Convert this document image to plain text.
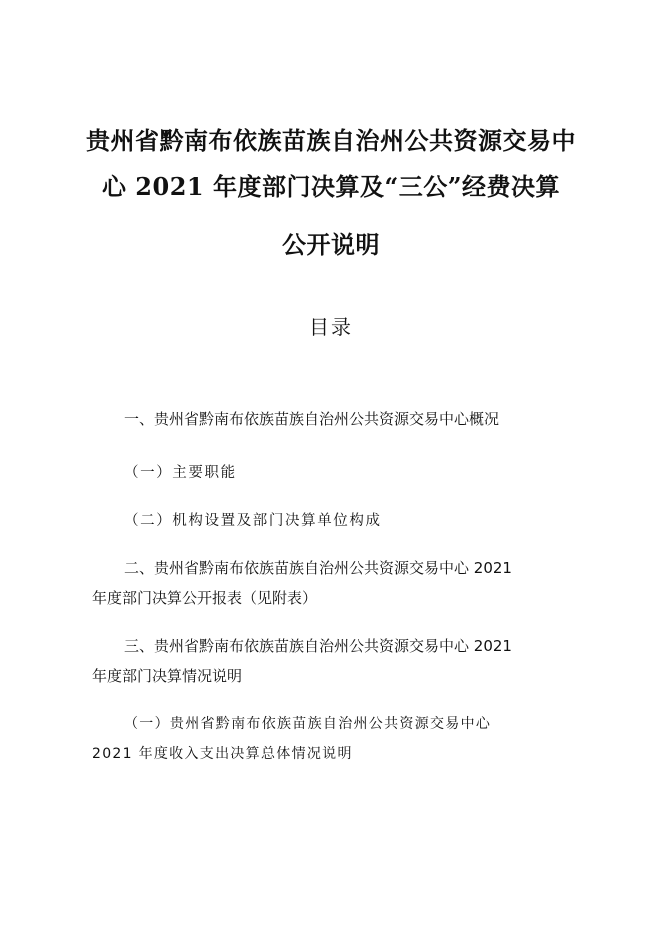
贵州省黔南布依族苗族自治州公共资源交易中
心 2021 年度部门决算及“三公”经费决算
公开说明
目录
一、贵州省黔南布依族苗族自治州公共资源交易中心概况
（一）主要职能
（二）机构设置及部门决算单位构成
二、贵州省黔南布依族苗族自治州公共资源交易中心 2021
年度部门决算公开报表（见附表）
三、贵州省黔南布依族苗族自治州公共资源交易中心 2021
年度部门决算情况说明
（一）贵州省黔南布依族苗族自治州公共资源交易中心
2021 年度收入支出决算总体情况说明
